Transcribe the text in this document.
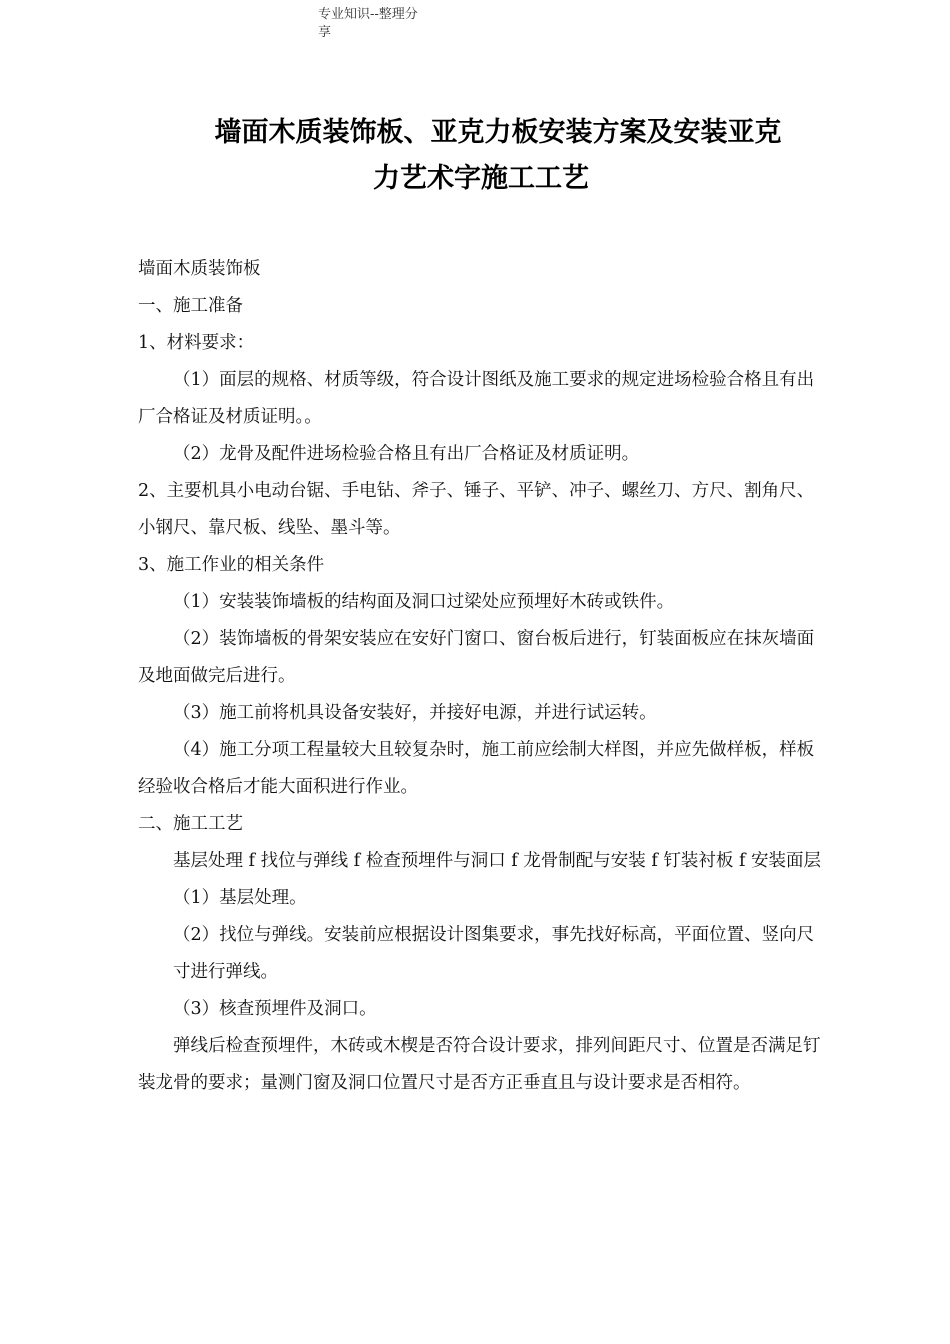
专业知识--整理分享
墙面木质装饰板、亚克力板安装方案及安装亚克
力艺术字施工工艺

墙面木质装饰板

一、施工准备

1、材料要求：

（1）面层的规格、材质等级，符合设计图纸及施工要求的规定进场检验合格且有出厂合格证及材质证明。。

（2）龙骨及配件进场检验合格且有出厂合格证及材质证明。

2、主要机具小电动台锯、手电钻、斧子、锤子、平铲、冲子、螺丝刀、方尺、割角尺、小钢尺、靠尺板、线坠、墨斗等。

3、施工作业的相关条件

（1）安装装饰墙板的结构面及洞口过梁处应预埋好木砖或铁件。

（2）装饰墙板的骨架安装应在安好门窗口、窗台板后进行，钉装面板应在抹灰墙面及地面做完后进行。

（3）施工前将机具设备安装好，并接好电源，并进行试运转。

（4）施工分项工程量较大且较复杂时，施工前应绘制大样图，并应先做样板，样板经验收合格后才能大面积进行作业。

二、施工工艺

基层处理 f 找位与弹线 f 检查预埋件与洞口 f 龙骨制配与安装 f 钉装衬板 f 安装面层

（1）基层处理。

（2）找位与弹线。安装前应根据设计图集要求，事先找好标高，平面位置、竖向尺寸进行弹线。

（3）核查预埋件及洞口。

弹线后检查预埋件，木砖或木楔是否符合设计要求，排列间距尺寸、位置是否满足钉装龙骨的要求；量测门窗及洞口位置尺寸是否方正垂直且与设计要求是否相符。
